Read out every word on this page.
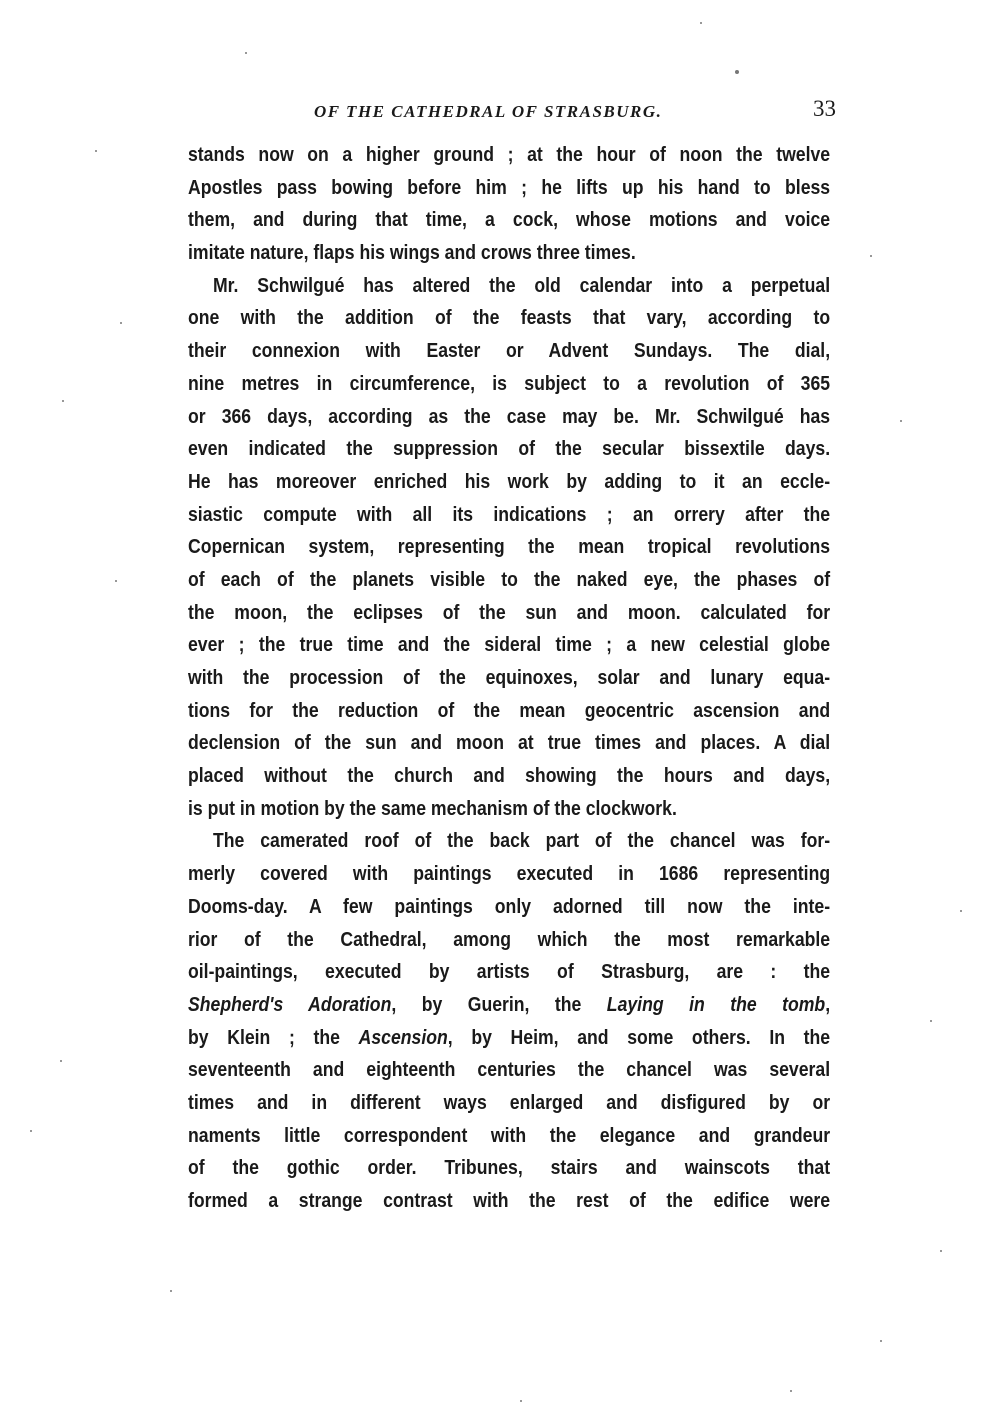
OF THE CATHEDRAL OF STRASBURG.	33
stands now on a higher ground ; at the hour of noon the twelve
Apostles pass bowing before him ; he lifts up his hand to bless
them, and during that time, a cock, whose motions and voice
imitate nature, flaps his wings and crows three times.
Mr. Schwilgué has altered the old calendar into a perpetual
one with the addition of the feasts that vary, according to
their connexion with Easter or Advent Sundays. The dial,
nine metres in circumference, is subject to a revolution of 365
or 366 days, according as the case may be. Mr. Schwilgué has
even indicated the suppression of the secular bissextile days.
He has moreover enriched his work by adding to it an eccle-
siastic compute with all its indications ; an orrery after the
Copernican system, representing the mean tropical revolutions
of each of the planets visible to the naked eye, the phases of
the moon, the eclipses of the sun and moon. calculated for
ever ; the true time and the sideral time ; a new celestial globe
with the procession of the equinoxes, solar and lunary equa-
tions for the reduction of the mean geocentric ascension and
declension of the sun and moon at true times and places. A dial
placed without the church and showing the hours and days,
is put in motion by the same mechanism of the clockwork.
The camerated roof of the back part of the chancel was for-
merly covered with paintings executed in 1686 representing
Dooms-day. A few paintings only adorned till now the inte-
rior of the Cathedral, among which the most remarkable
oil-paintings, executed by artists of Strasburg, are : the
Shepherd's Adoration, by Guerin, the Laying in the tomb,
by Klein ; the Ascension, by Heim, and some others. In the
seventeenth and eighteenth centuries the chancel was several
times and in different ways enlarged and disfigured by or
naments little correspondent with the elegance and grandeur
of the gothic order. Tribunes, stairs and wainscots that
formed a strange contrast with the rest of the edifice were
